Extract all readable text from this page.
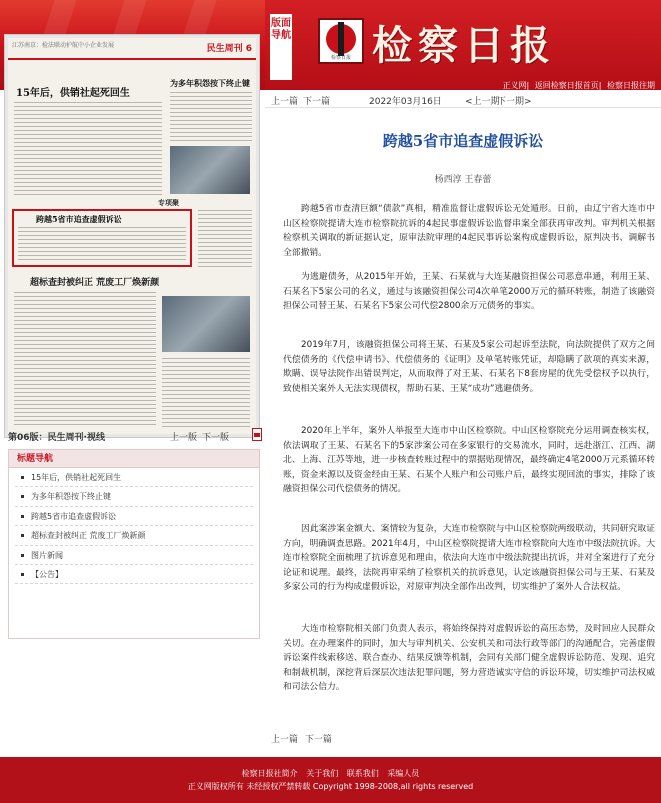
版面导航
检察日报 检察日报
正义网| 返回检察日报首页| 检察日报往期
江苏南京：检法联动护航中小企业发展	民生周刊 6
15年后，供销社起死回生
为多年积怨按下终止键
专项聚
跨越5省市追查虚假诉讼
超标查封被纠正 荒废工厂焕新颜
第06版：民生周刊·视线	上一版 下一版
标题导航
15年后，供销社起死回生
为多年积怨按下终止键
跨越5省市追查虚假诉讼
超标查封被纠正 荒废工厂焕新颜
图片新闻
【公告】
上一篇 下一篇	2022年03月16日	<上一期
下一期>
跨越5省市追查虚假诉讼
杨西淳 王春蕾

跨越5省市查清巨额“债款”真相，精准监督让虚假诉讼无处遁形。日前，由辽宁省大连市中山区检察院提请大连市检察院抗诉的4起民事虚假诉讼监督串案全部获再审改判。审判机关根据检察机关调取的新证据认定，原审法院审理的4起民事诉讼案构成虚假诉讼，原判决书、调解书全部撤销。

为逃避债务，从2015年开始，王某、石某就与大连某融资担保公司恶意串通，利用王某、石某名下5家公司的名义，通过与该融资担保公司4次单笔2000万元的循环转账，制造了该融资担保公司替王某、石某名下5家公司代偿2800余万元债务的事实。

2019年7月，该融资担保公司将王某、石某及5家公司起诉至法院，向法院提供了双方之间代偿债务的《代偿申请书》、代偿债务的《证明》及单笔转账凭证，却隐瞒了款项的真实来源，欺瞒、误导法院作出错误判定，从而取得了对王某、石某名下8套房屋的优先受偿权予以执行，致使相关案外人无法实现债权，帮助石某、王某“成功”逃避债务。

2020年上半年，案外人举报至大连市中山区检察院。中山区检察院充分运用调查核实权，依法调取了王某、石某名下的5家涉案公司在多家银行的交易流水，同时，远赴浙江、江西、湖北、上海、江苏等地，进一步核查转账过程中的票据贴现情况，最终确定4笔2000万元系循环转账，资金来源以及资金经由王某、石某个人账户和公司账户后，最终实现回流的事实，排除了该融资担保公司代偿债务的情况。

因此案涉案金额大、案情较为复杂，大连市检察院与中山区检察院两级联动，共同研究取证方向，明确调查思路。2021年4月，中山区检察院提请大连市检察院向大连市中级法院抗诉。大连市检察院全面梳理了抗诉意见和理由，依法向大连市中级法院提出抗诉，并对全案进行了充分论证和说理。最终，法院再审采纳了检察机关的抗诉意见，认定该融资担保公司与王某、石某及多家公司的行为构成虚假诉讼，对原审判决全部作出改判，切实维护了案外人合法权益。

大连市检察院相关部门负责人表示，将始终保持对虚假诉讼的高压态势，及时回应人民群众关切。在办理案件的同时，加大与审判机关、公安机关和司法行政等部门的沟通配合，完善虚假诉讼案件线索移送、联合查办、结果反馈等机制，会同有关部门健全虚假诉讼防范、发现、追究和制裁机制，深挖背后深层次违法犯罪问题，努力营造诚实守信的诉讼环境，切实维护司法权威和司法公信力。

上一篇 下一篇
检察日报社简介 关于我们 联系我们 采编人员
正义网版权所有 未经授权严禁转载 Copyright 1998-2008,all rights reserved
